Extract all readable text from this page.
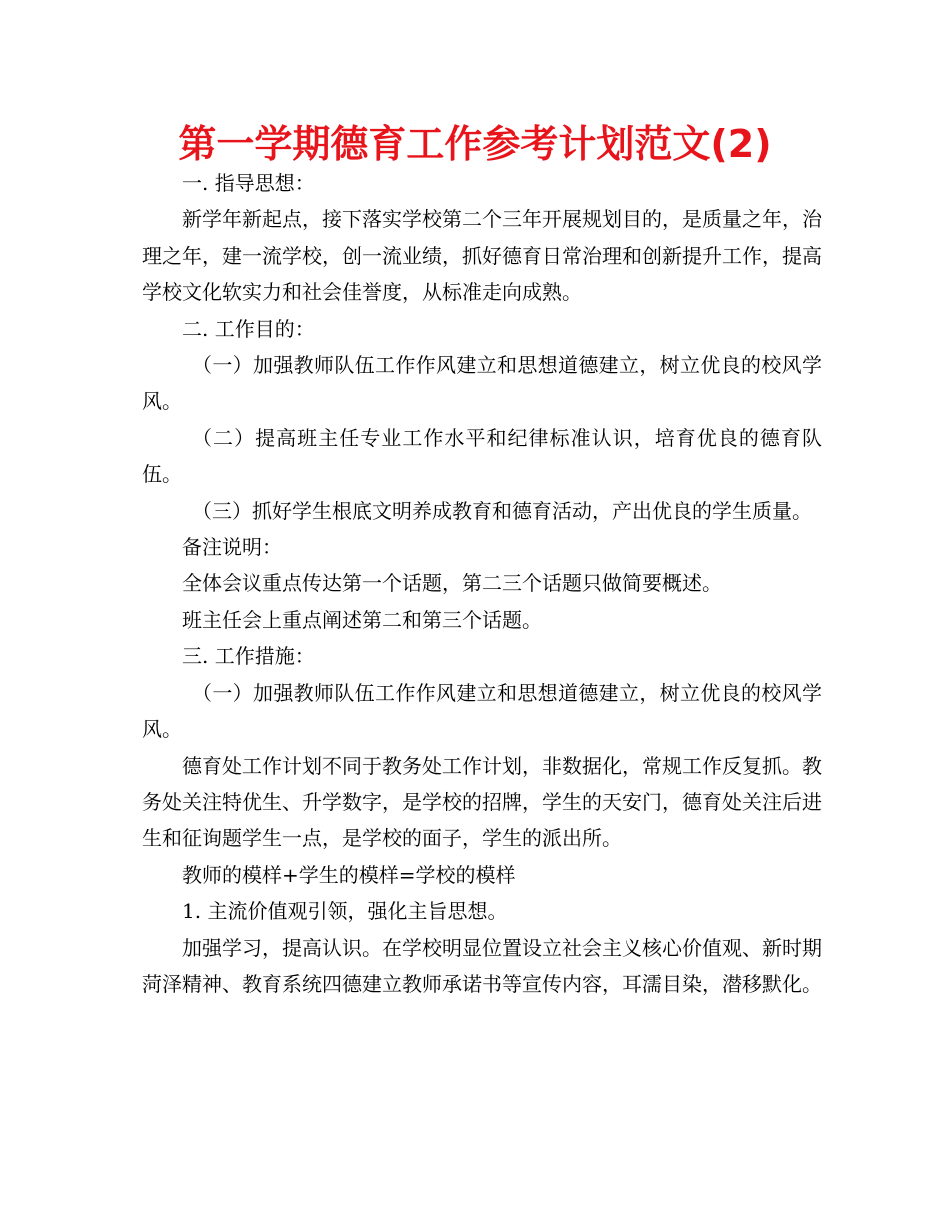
第一学期德育工作参考计划范文(2)

一. 指导思想：

新学年新起点，接下落实学校第二个三年开展规划目的，是质量之年，治理之年，建一流学校，创一流业绩，抓好德育日常治理和创新提升工作，提高学校文化软实力和社会佳誉度，从标准走向成熟。

二. 工作目的：

（一）加强教师队伍工作作风建立和思想道德建立，树立优良的校风学风。

（二）提高班主任专业工作水平和纪律标准认识，培育优良的德育队伍。

（三）抓好学生根底文明养成教育和德育活动，产出优良的学生质量。

备注说明：

全体会议重点传达第一个话题，第二三个话题只做简要概述。

班主任会上重点阐述第二和第三个话题。

三. 工作措施：

（一）加强教师队伍工作作风建立和思想道德建立，树立优良的校风学风。

德育处工作计划不同于教务处工作计划，非数据化，常规工作反复抓。教务处关注特优生、升学数字，是学校的招牌，学生的天安门，德育处关注后进生和征询题学生一点，是学校的面子，学生的派出所。

教师的模样+学生的模样=学校的模样

1. 主流价值观引领，强化主旨思想。

加强学习，提高认识。在学校明显位置设立社会主义核心价值观、新时期菏泽精神、教育系统四德建立教师承诺书等宣传内容，耳濡目染，潜移默化。
